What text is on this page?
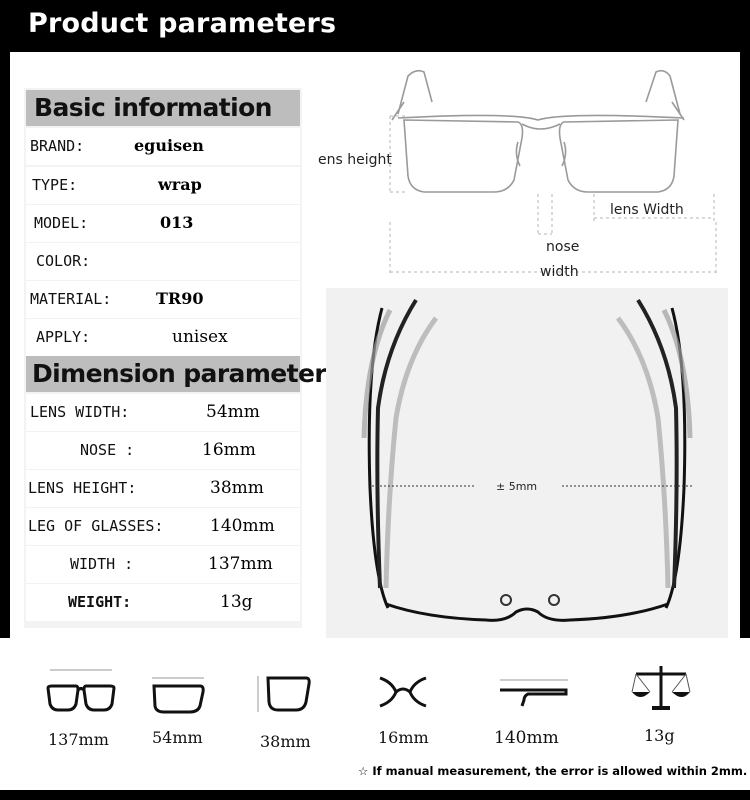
Product parameters
Basic information
BRAND:	eguisen
TYPE:	wrap
MODEL:	013
COLOR:
MATERIAL:	TR90
APPLY:	unisex
Dimension parameter
LENS WIDTH:	54mm
NOSE :	16mm
LENS HEIGHT:	38mm
LEG OF GLASSES:	140mm
WIDTH :	137mm
WEIGHT:	13g
ens height
lens Width
nose
width
± 5mm
137mm	54mm	38mm	16mm	140mm	13g
☆ If manual measurement, the error is allowed within 2mm.
